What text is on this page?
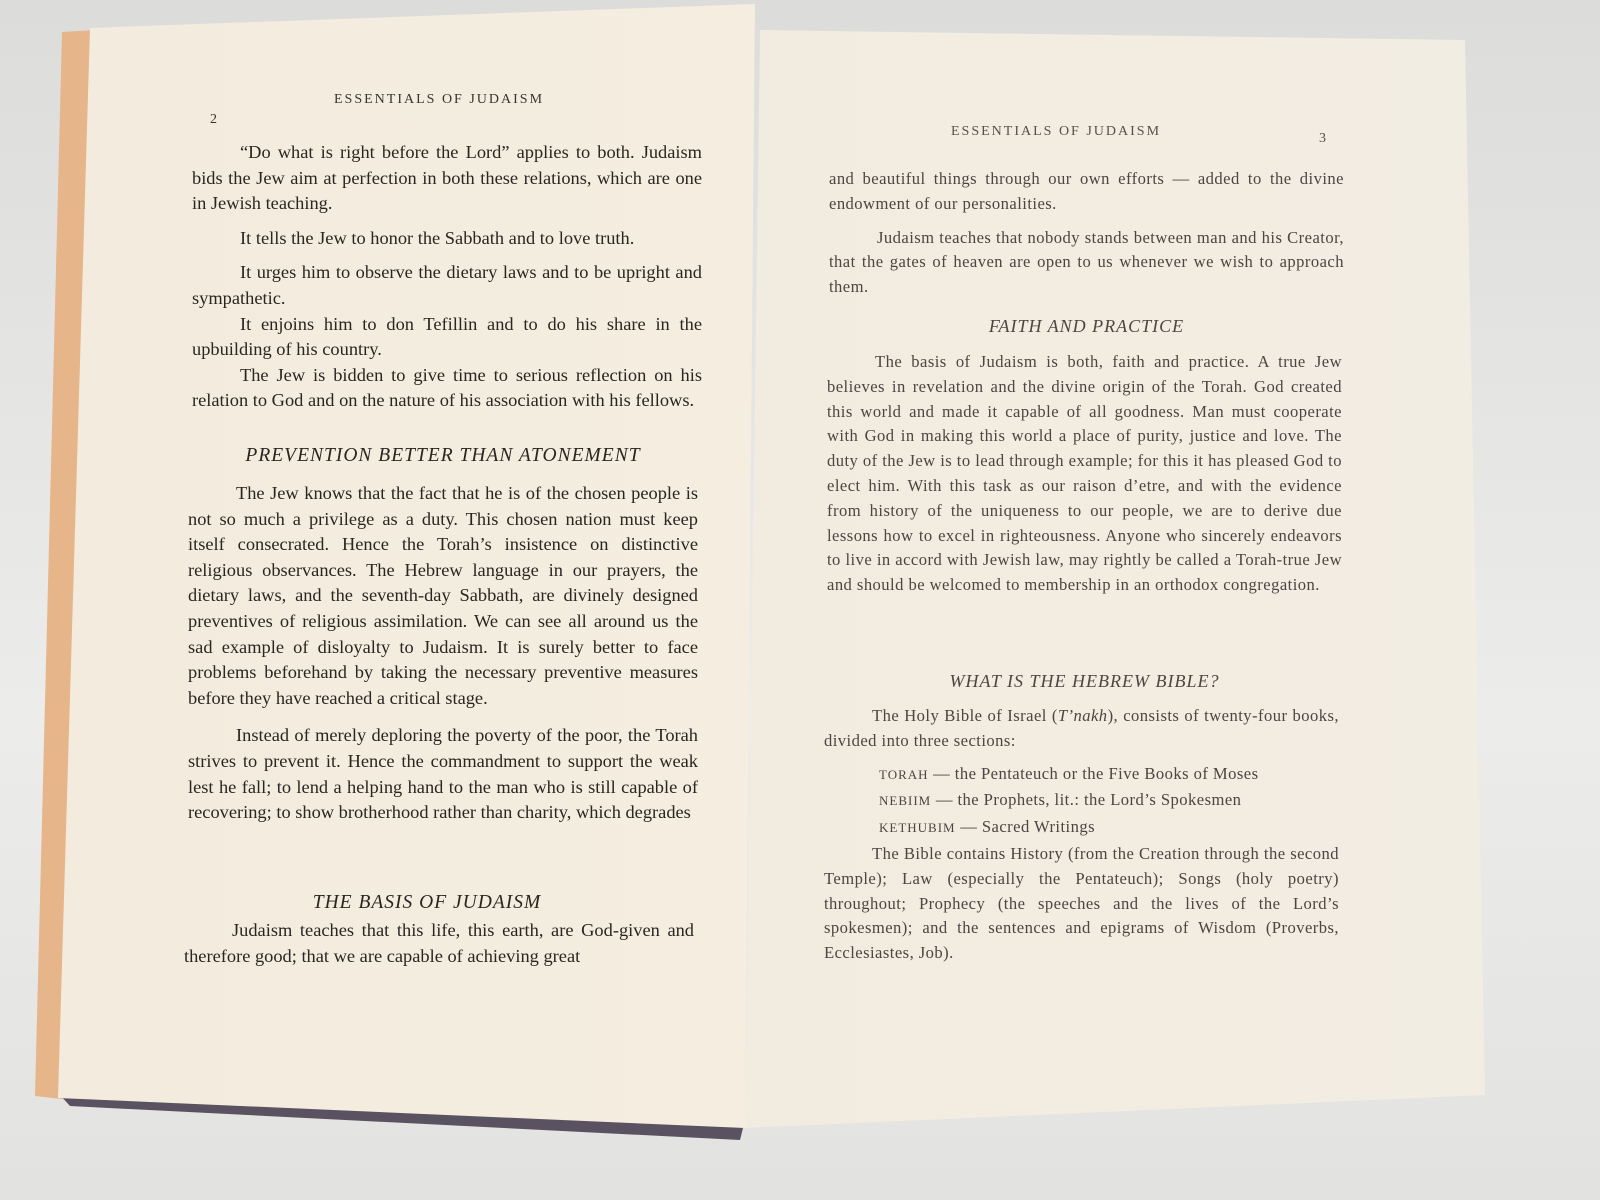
2
ESSENTIALS OF JUDAISM

“Do what is right before the Lord” applies to both. Judaism bids the Jew aim at perfection in both these relations, which are one in Jewish teaching.

It tells the Jew to honor the Sabbath and to love truth.

It urges him to observe the dietary laws and to be upright and sympathetic.

It enjoins him to don Tefillin and to do his share in the upbuilding of his country.

The Jew is bidden to give time to serious reflection on his relation to God and on the nature of his association with his fellows.

PREVENTION BETTER THAN ATONEMENT

The Jew knows that the fact that he is of the chosen people is not so much a privilege as a duty. This chosen nation must keep itself consecrated. Hence the Torah’s insistence on distinctive religious observances. The Hebrew language in our prayers, the dietary laws, and the seventh-day Sabbath, are divinely designed preventives of religious assimilation. We can see all around us the sad example of disloyalty to Judaism. It is surely better to face problems beforehand by taking the necessary preventive measures before they have reached a critical stage.

Instead of merely deploring the poverty of the poor, the Torah strives to prevent it. Hence the commandment to support the weak lest he fall; to lend a helping hand to the man who is still capable of recovering; to show brotherhood rather than charity, which degrades

THE BASIS OF JUDAISM

Judaism teaches that this life, this earth, are God-given and therefore good; that we are capable of achieving great

ESSENTIALS OF JUDAISM	3

and beautiful things through our own efforts — added to the divine endowment of our personalities.

Judaism teaches that nobody stands between man and his Creator, that the gates of heaven are open to us whenever we wish to approach them.

FAITH AND PRACTICE

The basis of Judaism is both, faith and practice. A true Jew believes in revelation and the divine origin of the Torah. God created this world and made it capable of all goodness. Man must cooperate with God in making this world a place of purity, justice and love. The duty of the Jew is to lead through example; for this it has pleased God to elect him. With this task as our raison d’etre, and with the evidence from history of the uniqueness to our people, we are to derive due lessons how to excel in righteousness. Anyone who sincerely endeavors to live in accord with Jewish law, may rightly be called a Torah-true Jew and should be welcomed to membership in an orthodox congregation.

WHAT IS THE HEBREW BIBLE?

The Holy Bible of Israel (T’nakh), consists of twenty-four books, divided into three sections:

TORAH — the Pentateuch or the Five Books of Moses
NEBIIM — the Prophets, lit.: the Lord’s Spokesmen
KETHUBIM — Sacred Writings

The Bible contains History (from the Creation through the second Temple); Law (especially the Pentateuch); Songs (holy poetry) throughout; Prophecy (the speeches and the lives of the Lord’s spokesmen); and the sentences and epigrams of Wisdom (Proverbs, Ecclesiastes, Job).
